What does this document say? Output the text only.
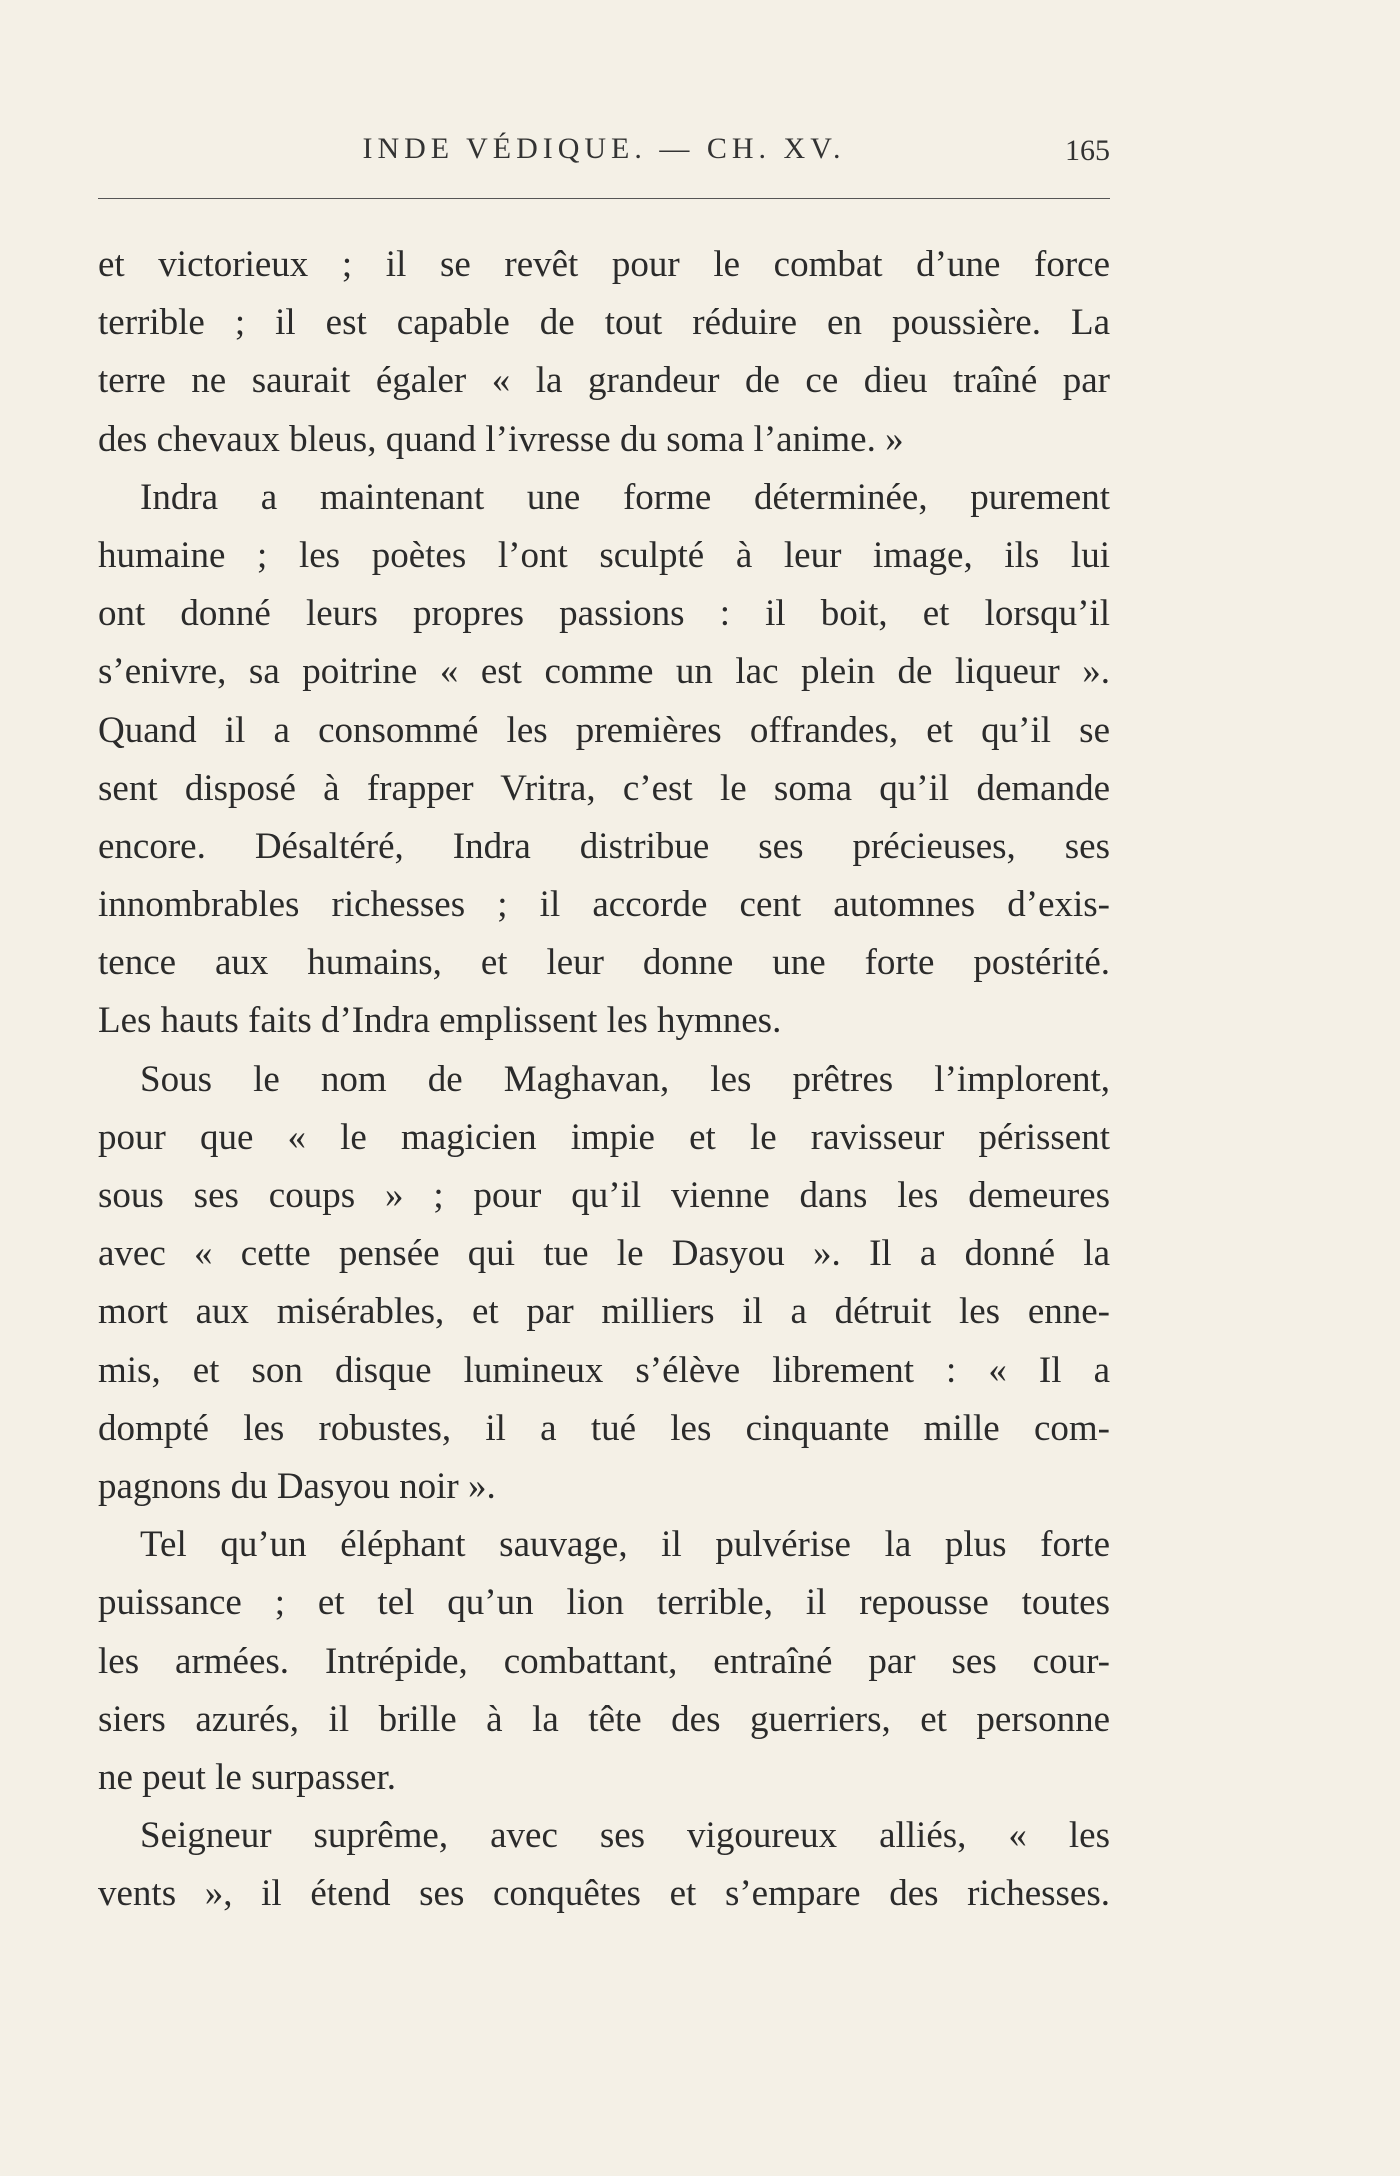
INDE VÉDIQUE. — CH. XV.	165
et victorieux ; il se revêt pour le combat d’une force
terrible ; il est capable de tout réduire en poussière. La
terre ne saurait égaler « la grandeur de ce dieu traîné par
des chevaux bleus, quand l’ivresse du soma l’anime. »
Indra a maintenant une forme déterminée, purement
humaine ; les poètes l’ont sculpté à leur image, ils lui
ont donné leurs propres passions : il boit, et lorsqu’il
s’enivre, sa poitrine « est comme un lac plein de liqueur ».
Quand il a consommé les premières offrandes, et qu’il se
sent disposé à frapper Vritra, c’est le soma qu’il demande
encore. Désaltéré, Indra distribue ses précieuses, ses
innombrables richesses ; il accorde cent automnes d’exis-
tence aux humains, et leur donne une forte postérité.
Les hauts faits d’Indra emplissent les hymnes.
Sous le nom de Maghavan, les prêtres l’implorent,
pour que « le magicien impie et le ravisseur périssent
sous ses coups » ; pour qu’il vienne dans les demeures
avec « cette pensée qui tue le Dasyou ». Il a donné la
mort aux misérables, et par milliers il a détruit les enne-
mis, et son disque lumineux s’élève librement : « Il a
dompté les robustes, il a tué les cinquante mille com-
pagnons du Dasyou noir ».
Tel qu’un éléphant sauvage, il pulvérise la plus forte
puissance ; et tel qu’un lion terrible, il repousse toutes
les armées. Intrépide, combattant, entraîné par ses cour-
siers azurés, il brille à la tête des guerriers, et personne
ne peut le surpasser.
Seigneur suprême, avec ses vigoureux alliés, « les
vents », il étend ses conquêtes et s’empare des richesses.
